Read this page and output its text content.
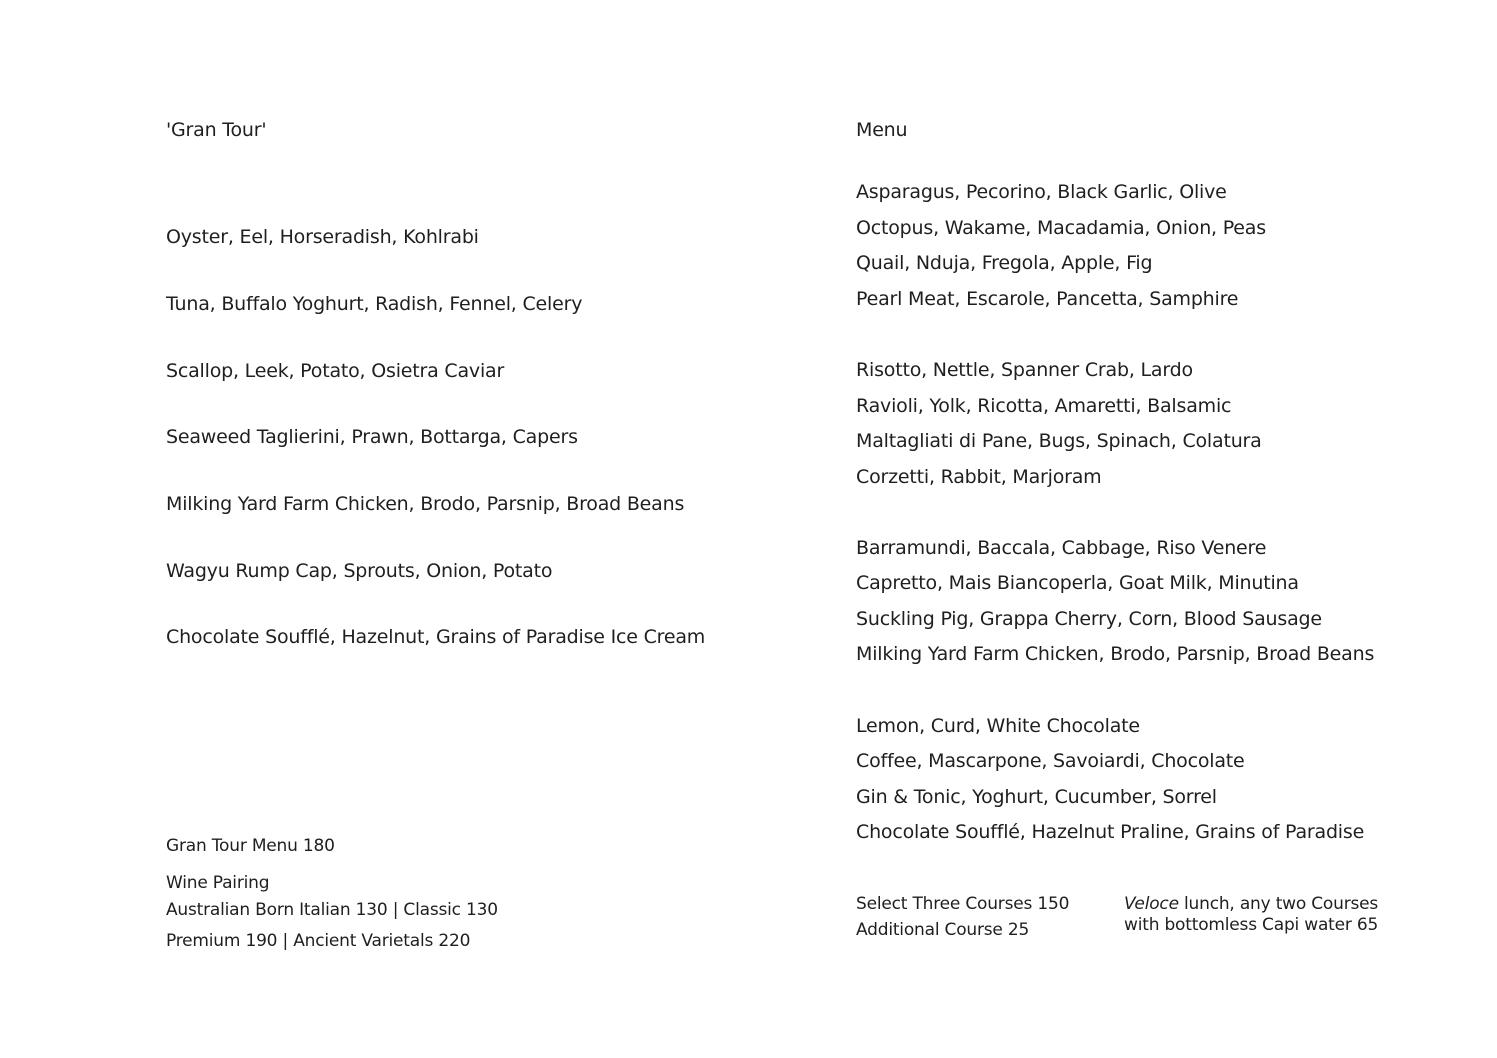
'Gran Tour'
Oyster, Eel, Horseradish, Kohlrabi
Tuna, Buffalo Yoghurt, Radish, Fennel, Celery
Scallop, Leek, Potato, Osietra Caviar
Seaweed Taglierini, Prawn, Bottarga, Capers
Milking Yard Farm Chicken, Brodo, Parsnip, Broad Beans
Wagyu Rump Cap, Sprouts, Onion, Potato
Chocolate Soufflé, Hazelnut, Grains of Paradise Ice Cream
Gran Tour Menu 180
Wine Pairing
Australian Born Italian 130 | Classic 130
Premium 190 | Ancient Varietals 220
Menu
Asparagus, Pecorino, Black Garlic, Olive
Octopus, Wakame, Macadamia, Onion, Peas
Quail, Nduja, Fregola, Apple, Fig
Pearl Meat, Escarole, Pancetta, Samphire
Risotto, Nettle, Spanner Crab, Lardo
Ravioli, Yolk, Ricotta, Amaretti, Balsamic
Maltagliati di Pane, Bugs, Spinach, Colatura
Corzetti, Rabbit, Marjoram
Barramundi, Baccala, Cabbage, Riso Venere
Capretto, Mais Biancoperla, Goat Milk, Minutina
Suckling Pig, Grappa Cherry, Corn, Blood Sausage
Milking Yard Farm Chicken, Brodo, Parsnip, Broad Beans
Lemon, Curd, White Chocolate
Coffee, Mascarpone, Savoiardi, Chocolate
Gin & Tonic, Yoghurt, Cucumber, Sorrel
Chocolate Soufflé, Hazelnut Praline, Grains of Paradise
Select Three Courses 150
Additional Course 25
Veloce lunch, any two Courses
with bottomless Capi water 65
